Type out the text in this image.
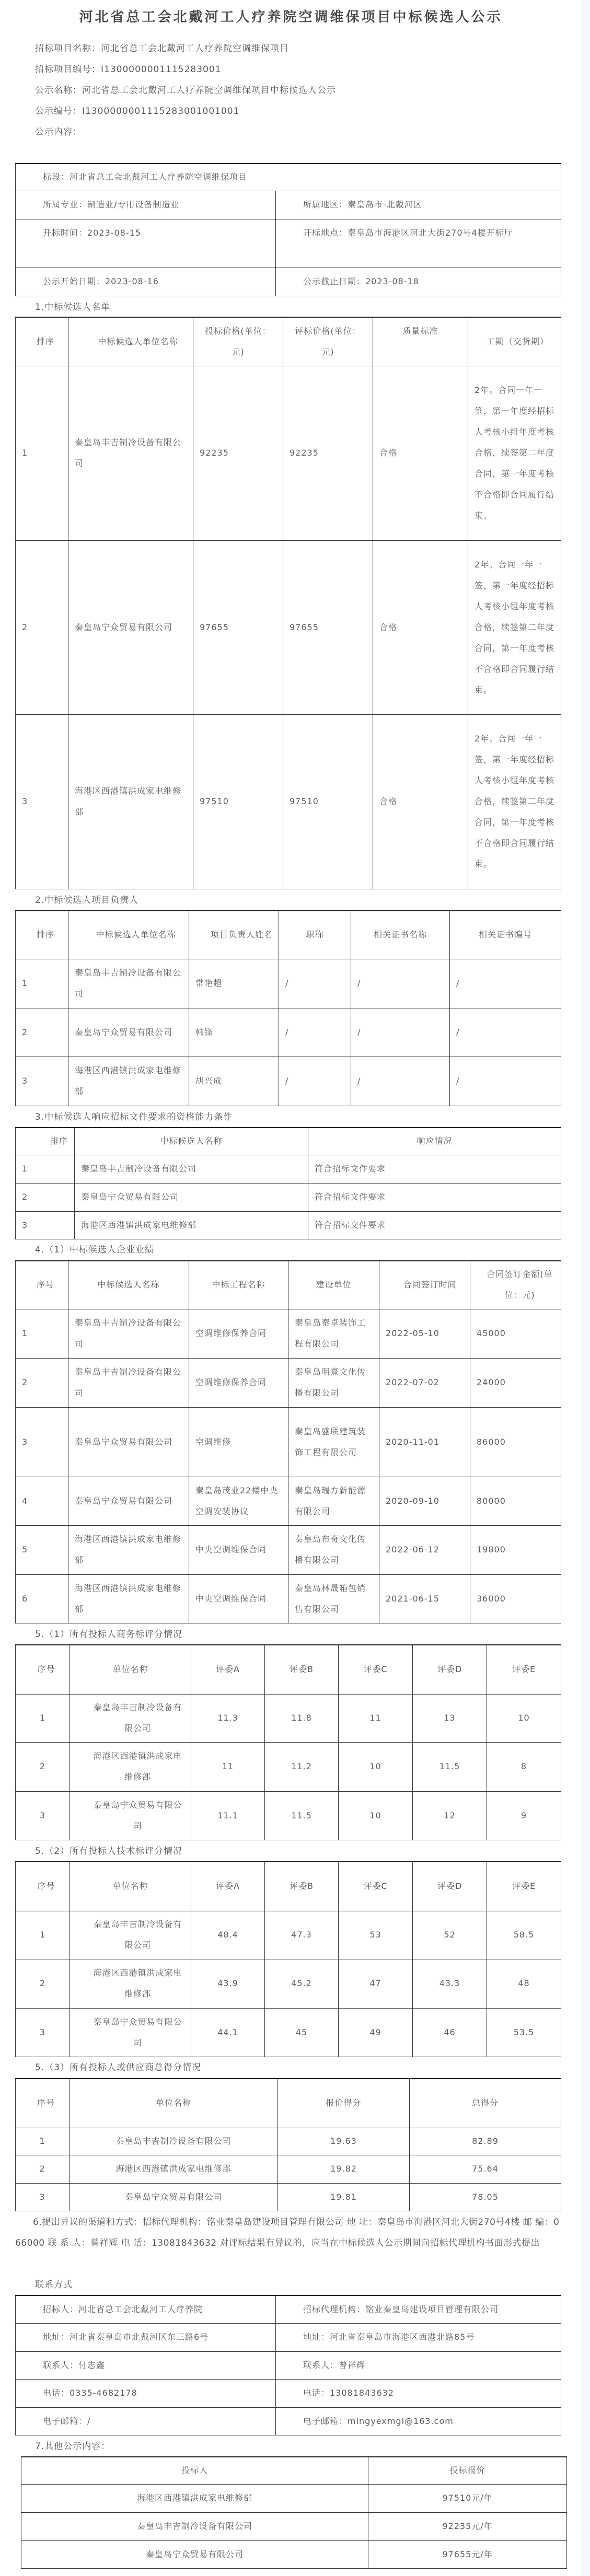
河北省总工会北戴河工人疗养院空调维保项目中标候选人公示
招标项目名称：河北省总工会北戴河工人疗养院空调维保项目
招标项目编号：I1300000001115283001
公示名称：河北省总工会北戴河工人疗养院空调维保项目中标候选人公示
公示编号：I1300000001115283001001001
公示内容：
标段：河北省总工会北戴河工人疗养院空调维保项目	
所属专业：制造业/专用设备制造业	所属地区：秦皇岛市-北戴河区
开标时间：2023-08-15	开标地点：秦皇岛市海港区河北大街270号4楼开标厅
公示开始日期：2023-08-16	公示截止日期：2023-08-18
1.中标候选人名单
排序	中标候选人单位名称	投标价格(单位：元)	评标价格(单位：元)	质量标准	工期（交货期）
1	秦皇岛丰吉制冷设备有限公司	92235	92235	合格	2年。合同一年一签，第一年度经招标人考核小组年度考核合格，续签第二年度合同，第一年度考核不合格即合同履行结束。
2	秦皇岛宁众贸易有限公司	97655	97655	合格	2年。合同一年一签，第一年度经招标人考核小组年度考核合格，续签第二年度合同，第一年度考核不合格即合同履行结束。
3	海港区西港镇洪成家电维修部	97510	97510	合格	2年。合同一年一签，第一年度经招标人考核小组年度考核合格，续签第二年度合同，第一年度考核不合格即合同履行结束。
2.中标候选人项目负责人
排序	中标候选人单位名称	项目负责人姓名	职称	相关证书名称	相关证书编号
1	秦皇岛丰吉制冷设备有限公司	常艳超	/	/	/
2	秦皇岛宁众贸易有限公司	韩锋	/	/	/
3	海港区西港镇洪成家电维修部	胡兴成	/	/	/
3.中标候选人响应招标文件要求的资格能力条件
排序	中标候选人名称	响应情况
1	秦皇岛丰吉制冷设备有限公司	符合招标文件要求
2	秦皇岛宁众贸易有限公司	符合招标文件要求
3	海港区西港镇洪成家电维修部	符合招标文件要求
4.（1）中标候选人企业业绩
序号	中标候选人名称	中标工程名称	建设单位	合同签订时间	合同签订金额(单位：元)
1	秦皇岛丰吉制冷设备有限公司	空调维修保养合同	秦皇岛秦卓装饰工程有限公司	2022-05-10	45000
2	秦皇岛丰吉制冷设备有限公司	空调维修保养合同	秦皇岛明熹文化传播有限公司	2022-07-02	24000
3	秦皇岛宁众贸易有限公司	空调维修	秦皇岛盛联建筑装饰工程有限公司	2020-11-01	86000
4	秦皇岛宁众贸易有限公司	秦皇岛茂业22楼中央空调安装协议	秦皇岛瑞方新能源有限公司	2020-09-10	80000
5	海港区西港镇洪成家电维修部	中央空调维保合同	秦皇岛布奇文化传播有限公司	2022-06-12	19800
6	海港区西港镇洪成家电维修部	中央空调维保合同	秦皇岛林晟箱包销售有限公司	2021-06-15	36000
5.（1）所有投标人商务标评分情况
序号	单位名称	评委A	评委B	评委C	评委D	评委E
1	秦皇岛丰吉制冷设备有限公司	11.3	11.8	11	13	10
2	海港区西港镇洪成家电维修部	11	11.2	10	11.5	8
3	秦皇岛宁众贸易有限公司	11.1	11.5	10	12	9
5.（2）所有投标人技术标评分情况
序号	单位名称	评委A	评委B	评委C	评委D	评委E
1	秦皇岛丰吉制冷设备有限公司	48.4	47.3	53	52	58.5
2	海港区西港镇洪成家电维修部	43.9	45.2	47	43.3	48
3	秦皇岛宁众贸易有限公司	44.1	45	49	46	53.5
5.（3）所有投标人或供应商总得分情况
序号	单位名称	报价得分	总得分
1	秦皇岛丰吉制冷设备有限公司	19.63	82.89
2	海港区西港镇洪成家电维修部	19.82	75.64
3	秦皇岛宁众贸易有限公司	19.81	78.05
6.提出异议的渠道和方式：招标代理机构：铭业秦皇岛建设项目管理有限公司 地 址：秦皇岛市海港区河北大街270号4楼 邮 编：066000 联 系 人：曾祥辉 电 话：13081843632 对评标结果有异议的，应当在中标候选人公示期间向招标代理机构书面形式提出
联系方式
招标人：河北省总工会北戴河工人疗养院	招标代理机构：铭业秦皇岛建设项目管理有限公司
地址：河北省秦皇岛市北戴河区东三路6号	地址：河北省秦皇岛市海港区西港北路85号
联系人：付志鑫	联系人：曾祥辉
电话：0335-4682178	电话：13081843632
电子邮箱：/	电子邮箱：mingyexmgl@163.com
7.其他公示内容：
投标人	投标报价
海港区西港镇洪成家电维修部	97510元/年
秦皇岛丰吉制冷设备有限公司	92235元/年
秦皇岛宁众贸易有限公司	97655元/年
